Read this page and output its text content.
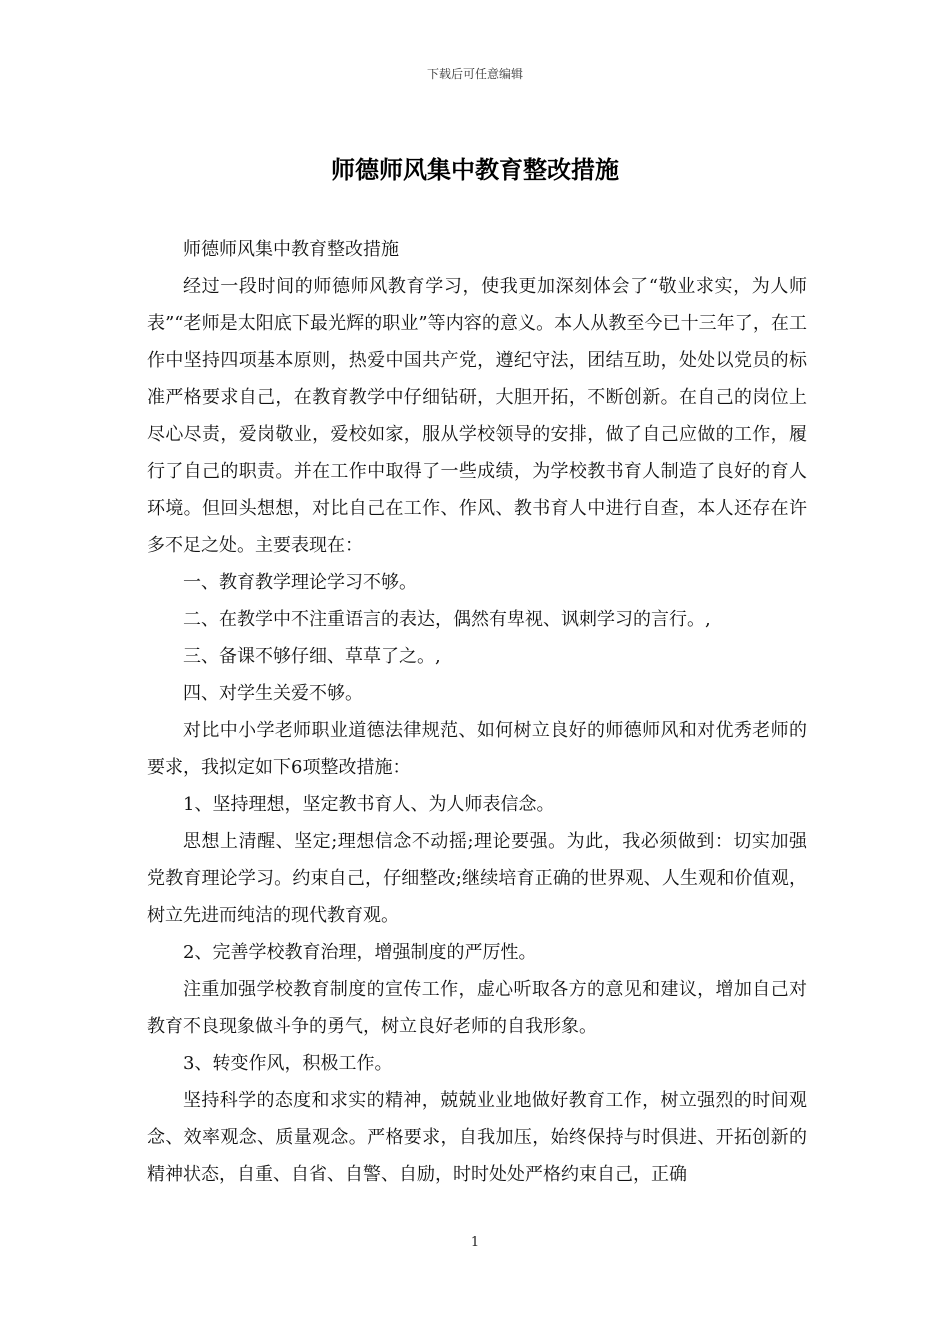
下载后可任意编辑
师德师风集中教育整改措施

师德师风集中教育整改措施

经过一段时间的师德师风教育学习，使我更加深刻体会了“敬业求实，为人师表”“老师是太阳底下最光辉的职业”等内容的意义。本人从教至今已十三年了，在工作中坚持四项基本原则，热爱中国共产党，遵纪守法，团结互助，处处以党员的标准严格要求自己，在教育教学中仔细钻研，大胆开拓，不断创新。在自己的岗位上尽心尽责，爱岗敬业，爱校如家，服从学校领导的安排，做了自己应做的工作，履行了自己的职责。并在工作中取得了一些成绩，为学校教书育人制造了良好的育人环境。但回头想想，对比自己在工作、作风、教书育人中进行自查，本人还存在许多不足之处。主要表现在：

一、教育教学理论学习不够。

二、在教学中不注重语言的表达，偶然有卑视、讽刺学习的言行。,

三、备课不够仔细、草草了之。,

四、对学生关爱不够。

对比中小学老师职业道德法律规范、如何树立良好的师德师风和对优秀老师的要求，我拟定如下6项整改措施：

1、坚持理想，坚定教书育人、为人师表信念。

思想上清醒、坚定;理想信念不动摇;理论要强。为此，我必须做到：切实加强党教育理论学习。约束自己，仔细整改;继续培育正确的世界观、人生观和价值观，树立先进而纯洁的现代教育观。

2、完善学校教育治理，增强制度的严厉性。

注重加强学校教育制度的宣传工作，虚心听取各方的意见和建议，增加自己对教育不良现象做斗争的勇气，树立良好老师的自我形象。

3、转变作风，积极工作。

坚持科学的态度和求实的精神，兢兢业业地做好教育工作，树立强烈的时间观念、效率观念、质量观念。严格要求，自我加压，始终保持与时俱进、开拓创新的精神状态，自重、自省、自警、自励，时时处处严格约束自己，正确

1
